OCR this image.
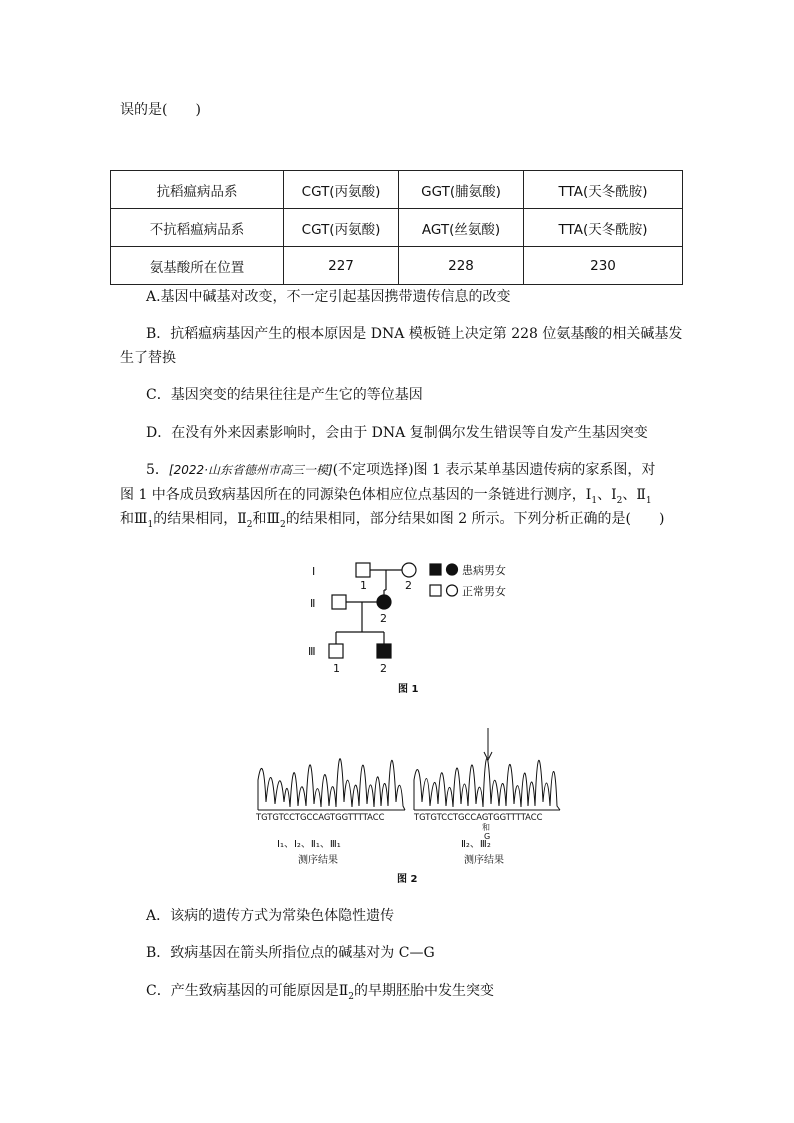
误的是(　　)
抗稻瘟病品系	CGT(丙氨酸)	GGT(脯氨酸)	TTA(天冬酰胺)
不抗稻瘟病品系	CGT(丙氨酸)	AGT(丝氨酸)	TTA(天冬酰胺)
氨基酸所在位置	227	228	230
A.基因中碱基对改变，不一定引起基因携带遗传信息的改变
B．抗稻瘟病基因产生的根本原因是 DNA 模板链上决定第 228 位氨基酸的相关碱基发
生了替换
C．基因突变的结果往往是产生它的等位基因
D．在没有外来因素影响时，会由于 DNA 复制偶尔发生错误等自发产生基因突变
5．[2022·山东省德州市高三一模](不定项选择)图 1 表示某单基因遗传病的家系图，对
图 1 中各成员致病基因所在的同源染色体相应位点基因的一条链进行测序，$Ⅰ_1$、$Ⅰ_2$、$Ⅱ_1$
和$Ⅲ_1$的结果相同，$Ⅱ_2$和$Ⅲ_2$的结果相同，部分结果如图 2 所示。下列分析正确的是(　　)
Ⅰ
Ⅱ
Ⅲ
1	2
2
1	2
患病男女
正常男女
图 1
TGTGTCCTGCCAGTGGTTTTACC	TGTGTCCTGCCAGTGGTTTTACC
和
G
Ⅰ₁、Ⅰ₂、Ⅱ₁、Ⅲ₁	Ⅱ₂、Ⅲ₂
测序结果	测序结果
图 2
A．该病的遗传方式为常染色体隐性遗传
B．致病基因在箭头所指位点的碱基对为 C—G
C．产生致病基因的可能原因是$Ⅱ_2$的早期胚胎中发生突变
